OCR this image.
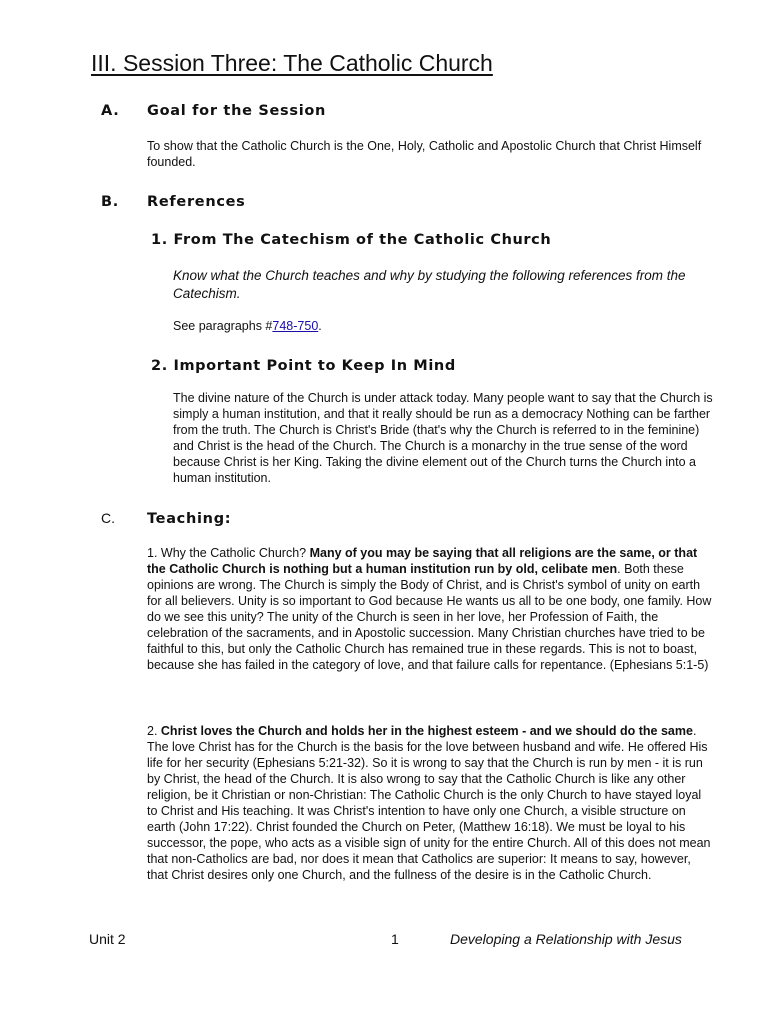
III. Session Three: The Catholic Church
A. Goal for the Session

To show that the Catholic Church is the One, Holy, Catholic and Apostolic Church that Christ Himself founded.

B. References
1. From The Catechism of the Catholic Church

Know what the Church teaches and why by studying the following references from the Catechism.

See paragraphs #748-750.

2. Important Point to Keep In Mind

The divine nature of the Church is under attack today. Many people want to say that the Church is simply a human institution, and that it really should be run as a democracy Nothing can be farther from the truth. The Church is Christ's Bride (that's why the Church is referred to in the feminine) and Christ is the head of the Church. The Church is a monarchy in the true sense of the word because Christ is her King. Taking the divine element out of the Church turns the Church into a human institution.

C. Teaching:

1. Why the Catholic Church? Many of you may be saying that all religions are the same, or that the Catholic Church is nothing but a human institution run by old, celibate men. Both these opinions are wrong. The Church is simply the Body of Christ, and is Christ's symbol of unity on earth for all believers. Unity is so important to God because He wants us all to be one body, one family. How do we see this unity? The unity of the Church is seen in her love, her Profession of Faith, the celebration of the sacraments, and in Apostolic succession. Many Christian churches have tried to be faithful to this, but only the Catholic Church has remained true in these regards. This is not to boast, because she has failed in the category of love, and that failure calls for repentance. (Ephesians 5:1-5)

2. Christ loves the Church and holds her in the highest esteem - and we should do the same. The love Christ has for the Church is the basis for the love between husband and wife. He offered His life for her security (Ephesians 5:21-32). So it is wrong to say that the Church is run by men - it is run by Christ, the head of the Church. It is also wrong to say that the Catholic Church is like any other religion, be it Christian or non-Christian: The Catholic Church is the only Church to have stayed loyal to Christ and His teaching. It was Christ's intention to have only one Church, a visible structure on earth (John 17:22). Christ founded the Church on Peter, (Matthew 16:18). We must be loyal to his successor, the pope, who acts as a visible sign of unity for the entire Church. All of this does not mean that non-Catholics are bad, nor does it mean that Catholics are superior: It means to say, however, that Christ desires only one Church, and the fullness of the desire is in the Catholic Church.

Unit 2	1	Developing a Relationship with Jesus
